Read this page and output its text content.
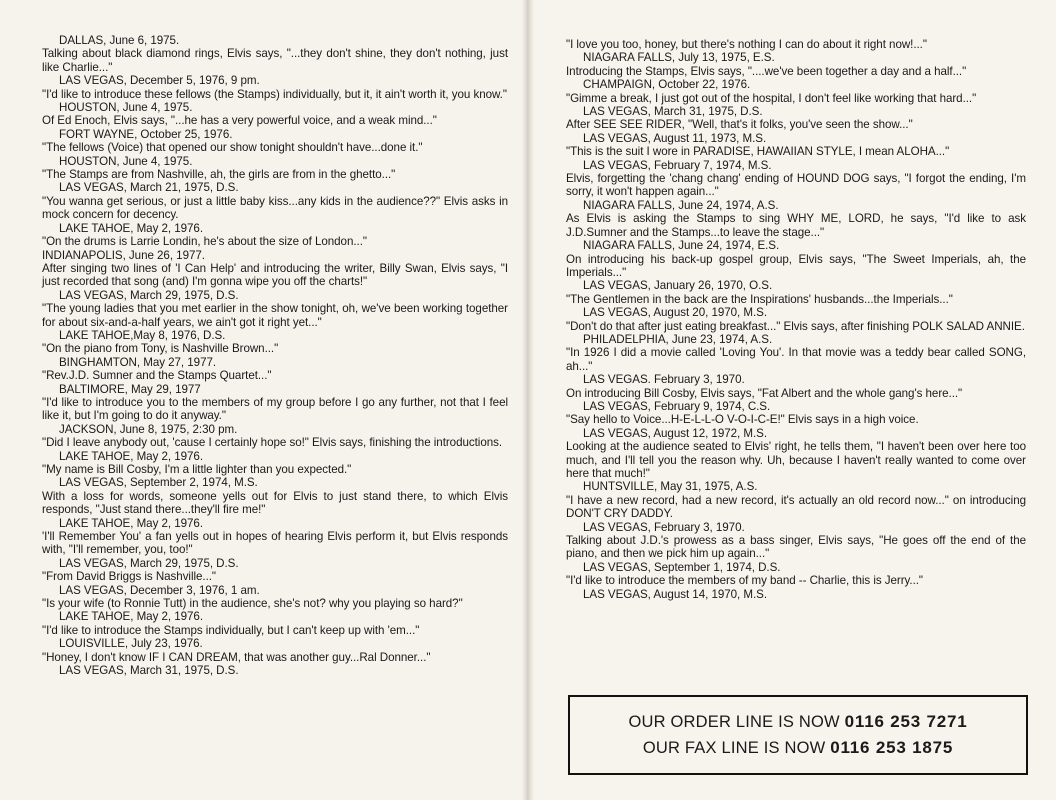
DALLAS, June 6, 1975.
Talking about black diamond rings, Elvis says, "...they don't shine, they don't nothing, just like Charlie..."
LAS VEGAS, December 5, 1976, 9 pm.
"I'd like to introduce these fellows (the Stamps) individually, but it, it ain't worth it, you know."
HOUSTON, June 4, 1975.
Of Ed Enoch, Elvis says, "...he has a very powerful voice, and a weak mind..."
FORT WAYNE, October 25, 1976.
"The fellows (Voice) that opened our show tonight shouldn't have...done it."
HOUSTON, June 4, 1975.
"The Stamps are from Nashville, ah, the girls are from in the ghetto..."
LAS VEGAS, March 21, 1975, D.S.
"You wanna get serious, or just a little baby kiss...any kids in the audience??" Elvis asks in mock concern for decency.
LAKE TAHOE, May 2, 1976.
"On the drums is Larrie Londin, he's about the size of London..."
INDIANAPOLIS, June 26, 1977.
After singing two lines of 'I Can Help' and introducing the writer, Billy Swan, Elvis says, "I just recorded that song (and) I'm gonna wipe you off the charts!"
LAS VEGAS, March 29, 1975, D.S.
"The young ladies that you met earlier in the show tonight, oh, we've been working together for about six-and-a-half years, we ain't got it right yet..."
LAKE TAHOE,May 8, 1976, D.S.
"On the piano from Tony, is Nashville Brown..."
BINGHAMTON, May 27, 1977.
"Rev.J.D. Sumner and the Stamps Quartet..."
BALTIMORE, May 29, 1977
"I'd like to introduce you to the members of my group before I go any further, not that I feel like it, but I'm going to do it anyway."
JACKSON, June 8, 1975, 2:30 pm.
"Did I leave anybody out, 'cause I certainly hope so!" Elvis says, finishing the introductions.
LAKE TAHOE, May 2, 1976.
"My name is Bill Cosby, I'm a little lighter than you expected."
LAS VEGAS, September 2, 1974, M.S.
With a loss for words, someone yells out for Elvis to just stand there, to which Elvis responds, "Just stand there...they'll fire me!"
LAKE TAHOE, May 2, 1976.
'I'll Remember You' a fan yells out in hopes of hearing Elvis perform it, but Elvis responds with, "I'll remember, you, too!"
LAS VEGAS, March 29, 1975, D.S.
"From David Briggs is Nashville..."
LAS VEGAS, December 3, 1976, 1 am.
"Is your wife (to Ronnie Tutt) in the audience, she's not? why you playing so hard?"
LAKE TAHOE, May 2, 1976.
"I'd like to introduce the Stamps individually, but I can't keep up with 'em..."
LOUISVILLE, July 23, 1976.
"Honey, I don't know IF I CAN DREAM, that was another guy...Ral Donner..."
LAS VEGAS, March 31, 1975, D.S.
"I love you too, honey, but there's nothing I can do about it right now!..."
NIAGARA FALLS, July 13, 1975, E.S.
Introducing the Stamps, Elvis says, "....we've been together a day and a half..."
CHAMPAIGN, October 22, 1976.
"Gimme a break, I just got out of the hospital, I don't feel like working that hard..."
LAS VEGAS, March 31, 1975, D.S.
After SEE SEE RIDER, "Well, that's it folks, you've seen the show..."
LAS VEGAS, August 11, 1973, M.S.
"This is the suit I wore in PARADISE, HAWAIIAN STYLE, I mean ALOHA..."
LAS VEGAS, February 7, 1974, M.S.
Elvis, forgetting the 'chang chang' ending of HOUND DOG says, "I forgot the ending, I'm sorry, it won't happen again..."
NIAGARA FALLS, June 24, 1974, A.S.
As Elvis is asking the Stamps to sing WHY ME, LORD, he says, "I'd like to ask J.D.Sumner and the Stamps...to leave the stage..."
NIAGARA FALLS, June 24, 1974, E.S.
On introducing his back-up gospel group, Elvis says, "The Sweet Imperials, ah, the Imperials..."
LAS VEGAS, January 26, 1970, O.S.
"The Gentlemen in the back are the Inspirations' husbands...the Imperials..."
LAS VEGAS, August 20, 1970, M.S.
"Don't do that after just eating breakfast..." Elvis says, after finishing POLK SALAD ANNIE.
PHILADELPHIA, June 23, 1974, A.S.
"In 1926 I did a movie called 'Loving You'. In that movie was a teddy bear called SONG, ah..."
LAS VEGAS. February 3, 1970.
On introducing Bill Cosby, Elvis says, "Fat Albert and the whole gang's here..."
LAS VEGAS, February 9, 1974, C.S.
"Say hello to Voice...H-E-L-L-O V-O-I-C-E!" Elvis says in a high voice.
LAS VEGAS, August 12, 1972, M.S.
Looking at the audience seated to Elvis' right, he tells them, "I haven't been over here too much, and I'll tell you the reason why. Uh, because I haven't really wanted to come over here that much!"
HUNTSVILLE, May 31, 1975, A.S.
"I have a new record, had a new record, it's actually an old record now..." on introducing DON'T CRY DADDY.
LAS VEGAS, February 3, 1970.
Talking about J.D.'s prowess as a bass singer, Elvis says, "He goes off the end of the piano, and then we pick him up again..."
LAS VEGAS, September 1, 1974, D.S.
"I'd like to introduce the members of my band -- Charlie, this is Jerry..."
LAS VEGAS, August 14, 1970, M.S.
OUR ORDER LINE IS NOW 0116 253 7271
OUR FAX LINE IS NOW 0116 253 1875
